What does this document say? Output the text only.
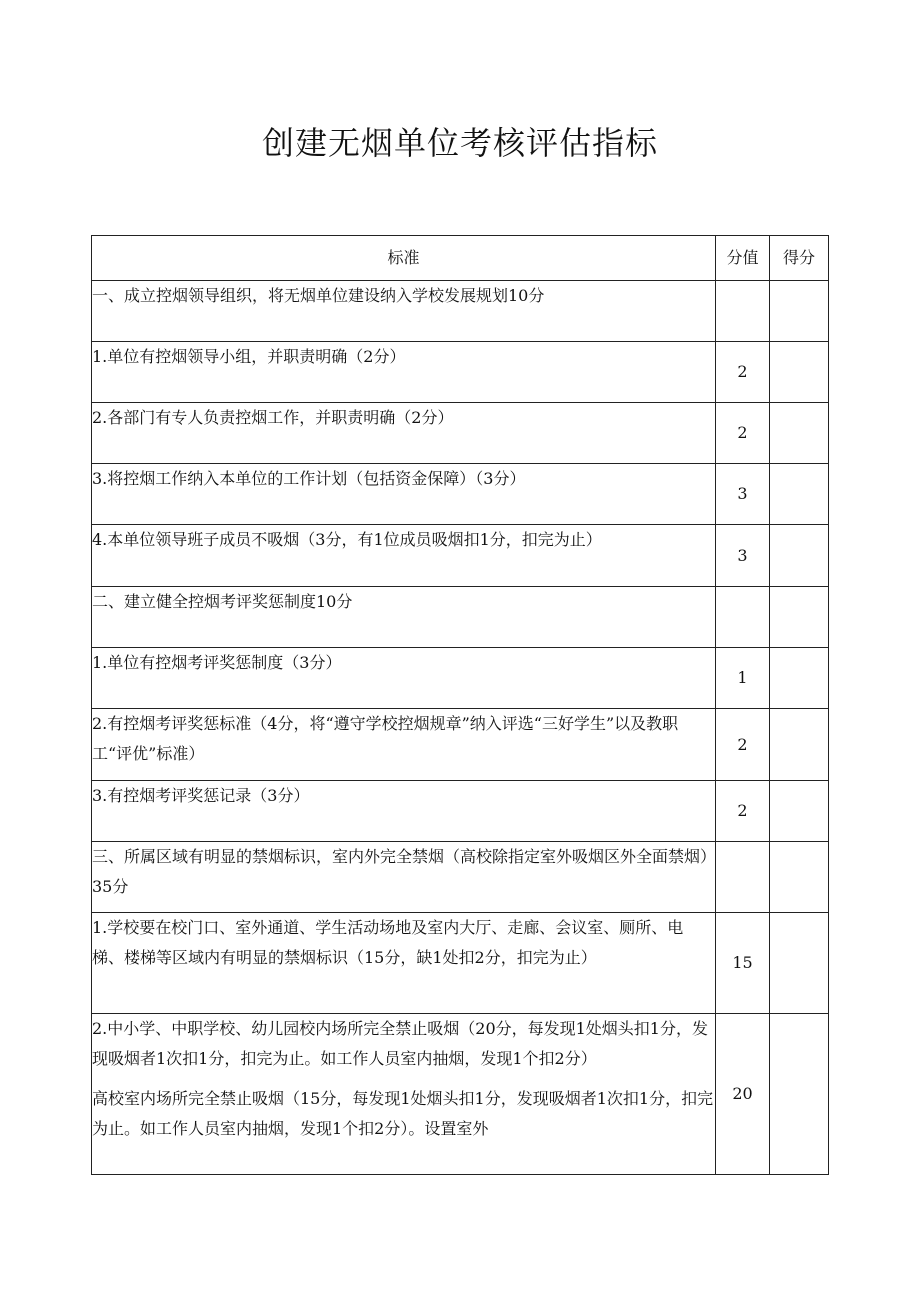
创建无烟单位考核评估指标
标准	分值	得分

一、成立控烟领导组织，将无烟单位建设纳入学校发展规划10分		

1.单位有控烟领导小组，并职责明确（2分）	2	

2.各部门有专人负责控烟工作，并职责明确（2分）	2	

3.将控烟工作纳入本单位的工作计划（包括资金保障）（3分）	3	

4.本单位领导班子成员不吸烟（3分，有1位成员吸烟扣1分，扣完为止）	3	

二、建立健全控烟考评奖惩制度10分		

1.单位有控烟考评奖惩制度（3分）	1	

2.有控烟考评奖惩标准（4分，将“遵守学校控烟规章”纳入评选“三好学生”以及教职工“评优”标准）	2	

3.有控烟考评奖惩记录（3分）	2	

三、所属区域有明显的禁烟标识，室内外完全禁烟（高校除指定室外吸烟区外全面禁烟）35分		

1.学校要在校门口、室外通道、学生活动场地及室内大厅、走廊、会议室、厕所、电梯、楼梯等区域内有明显的禁烟标识（15分，缺1处扣2分，扣完为止）	15	

2.中小学、中职学校、幼儿园校内场所完全禁止吸烟（20分，每发现1处烟头扣1分，发现吸烟者1次扣1分，扣完为止。如工作人员室内抽烟，发现1个扣2分）

高校室内场所完全禁止吸烟（15分，每发现1处烟头扣1分，发现吸烟者1次扣1分，扣完为止。如工作人员室内抽烟，发现1个扣2分）。设置室外	20	
